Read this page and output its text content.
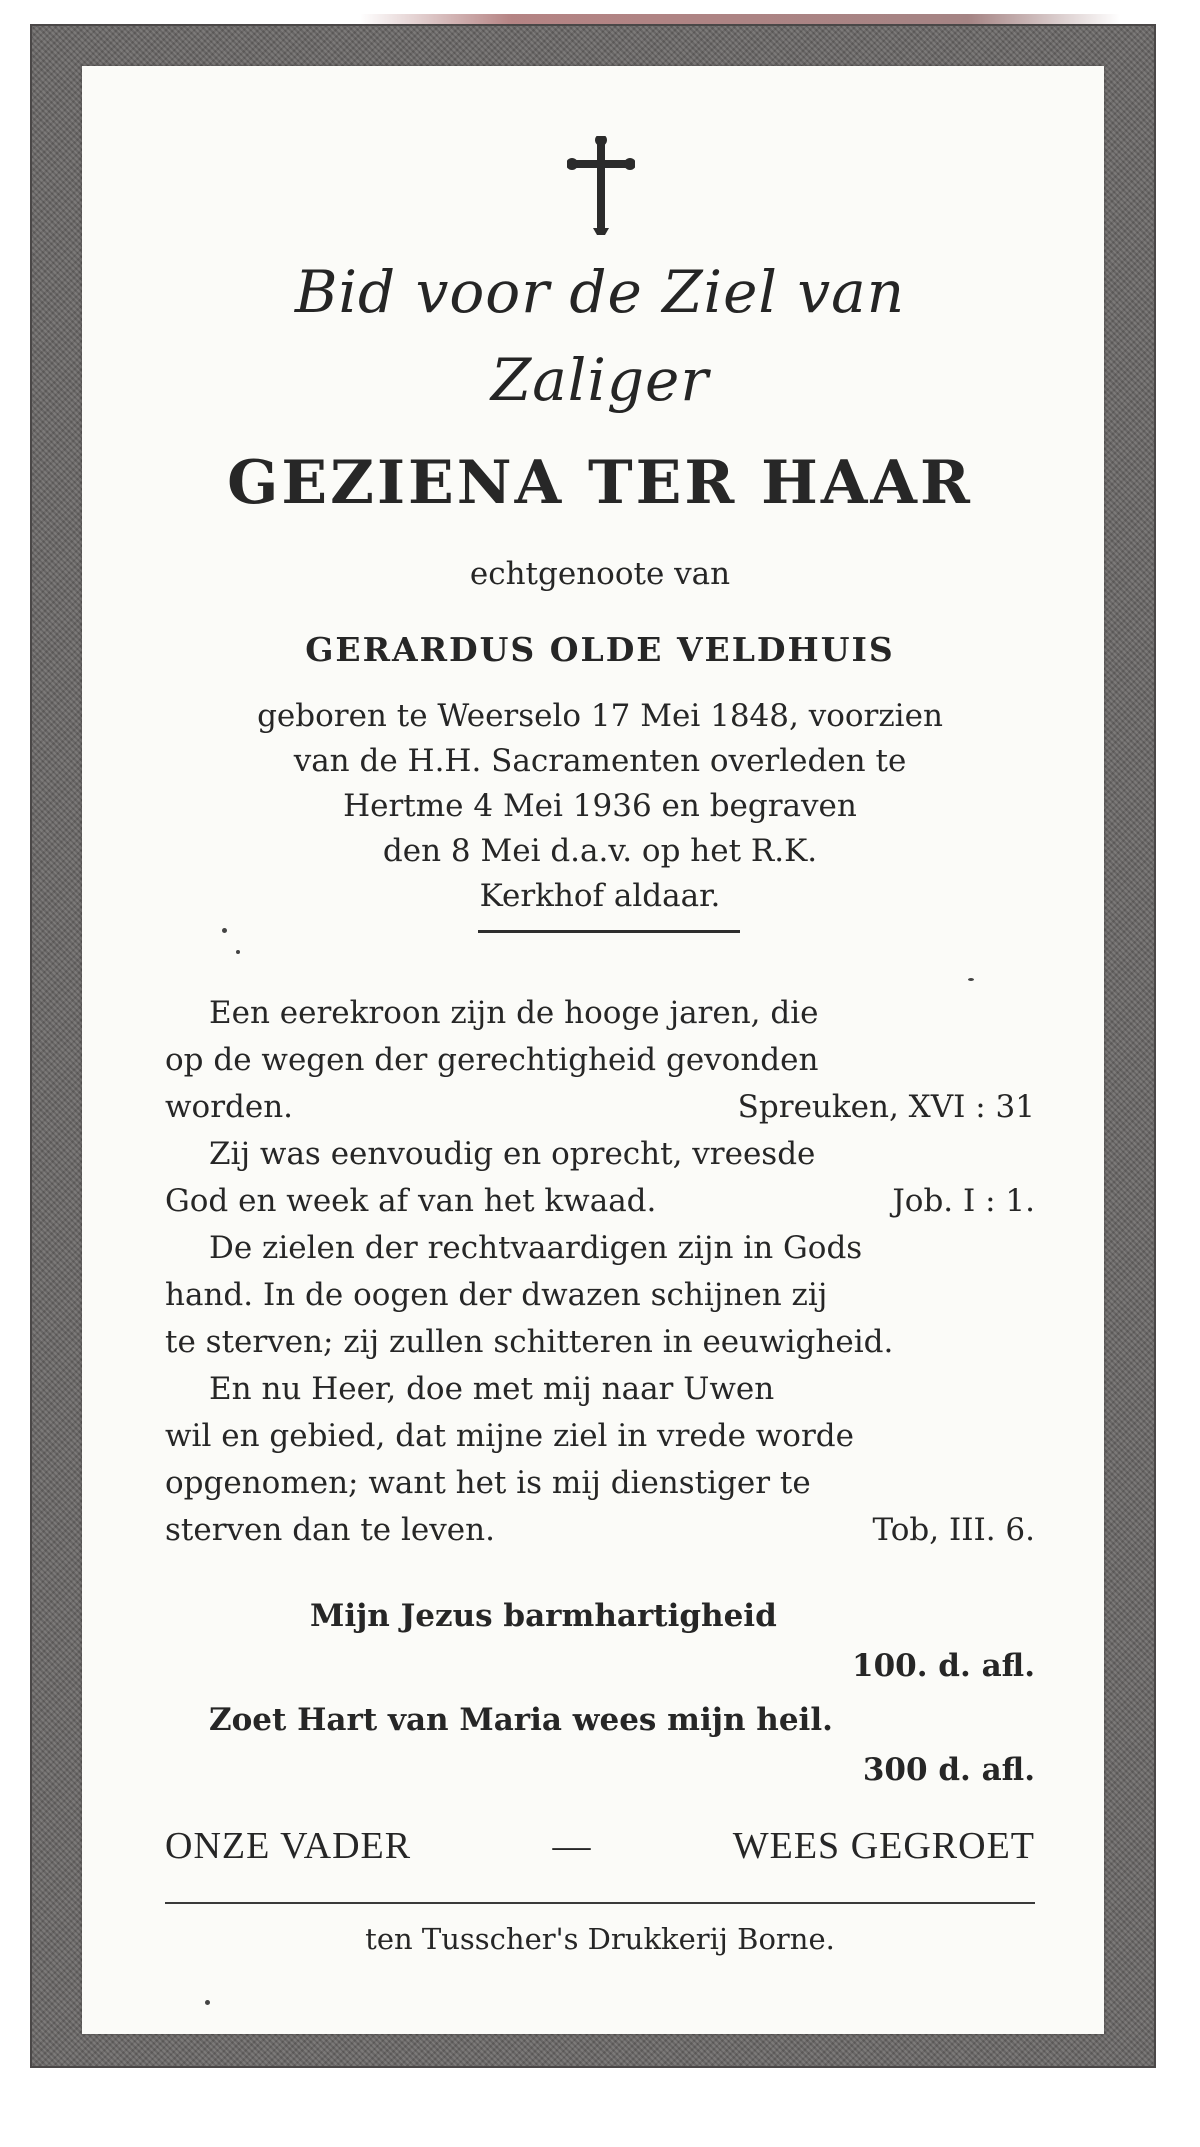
Bid voor de Ziel van
Zaliger
GEZIENA TER HAAR
echtgenoote van
GERARDUS OLDE VELDHUIS
geboren te Weerselo 17 Mei 1848, voorzien
van de H.H. Sacramenten overleden te
Hertme 4 Mei 1936 en begraven
den 8 Mei d.a.v. op het R.K.
Kerkhof aldaar.
Een eerekroon zijn de hooge jaren, die
op de wegen der gerechtigheid gevonden
worden.	Spreuken, XVI : 31
Zij was eenvoudig en oprecht, vreesde
God en week af van het kwaad.	Job. I : 1.
De zielen der rechtvaardigen zijn in Gods
hand. In de oogen der dwazen schijnen zij
te sterven; zij zullen schitteren in eeuwigheid.
En nu Heer, doe met mij naar Uwen
wil en gebied, dat mijne ziel in vrede worde
opgenomen; want het is mij dienstiger te
sterven dan te leven.	Tob, III. 6.
Mijn Jezus barmhartigheid
100. d. afl.
Zoet Hart van Maria wees mijn heil.
300 d. afl.
ONZE VADER	—	WEES GEGROET
ten Tusscher's Drukkerij Borne.
